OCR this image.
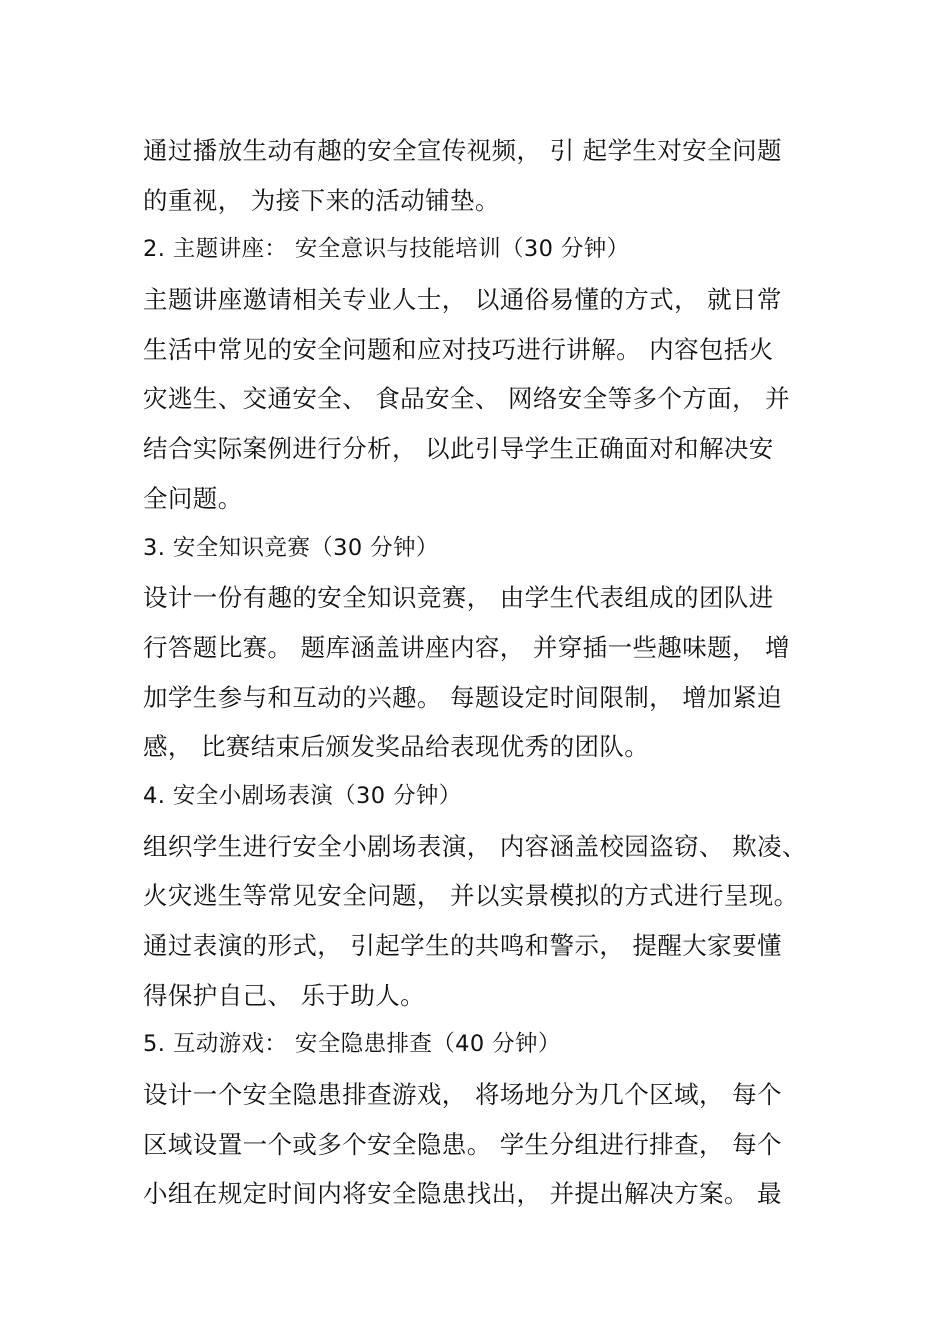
通过播放生动有趣的安全宣传视频， 引 起学生对安全问题
的重视， 为接下来的活动铺垫。
2. 主题讲座： 安全意识与技能培训（30 分钟）
主题讲座邀请相关专业人士， 以通俗易懂的方式， 就日常
生活中常见的安全问题和应对技巧进行讲解。 内容包括火
灾逃生、交通安全、 食品安全、 网络安全等多个方面， 并
结合实际案例进行分析， 以此引导学生正确面对和解决安
全问题。
3. 安全知识竞赛（30 分钟）
设计一份有趣的安全知识竞赛， 由学生代表组成的团队进
行答题比赛。 题库涵盖讲座内容， 并穿插一些趣味题， 增
加学生参与和互动的兴趣。 每题设定时间限制， 增加紧迫
感， 比赛结束后颁发奖品给表现优秀的团队。
4. 安全小剧场表演（30 分钟）
组织学生进行安全小剧场表演， 内容涵盖校园盗窃、 欺凌、
火灾逃生等常见安全问题， 并以实景模拟的方式进行呈现。
通过表演的形式， 引起学生的共鸣和警示， 提醒大家要懂
得保护自己、 乐于助人。
5. 互动游戏： 安全隐患排查（40 分钟）
设计一个安全隐患排查游戏， 将场地分为几个区域， 每个
区域设置一个或多个安全隐患。 学生分组进行排查， 每个
小组在规定时间内将安全隐患找出， 并提出解决方案。 最
